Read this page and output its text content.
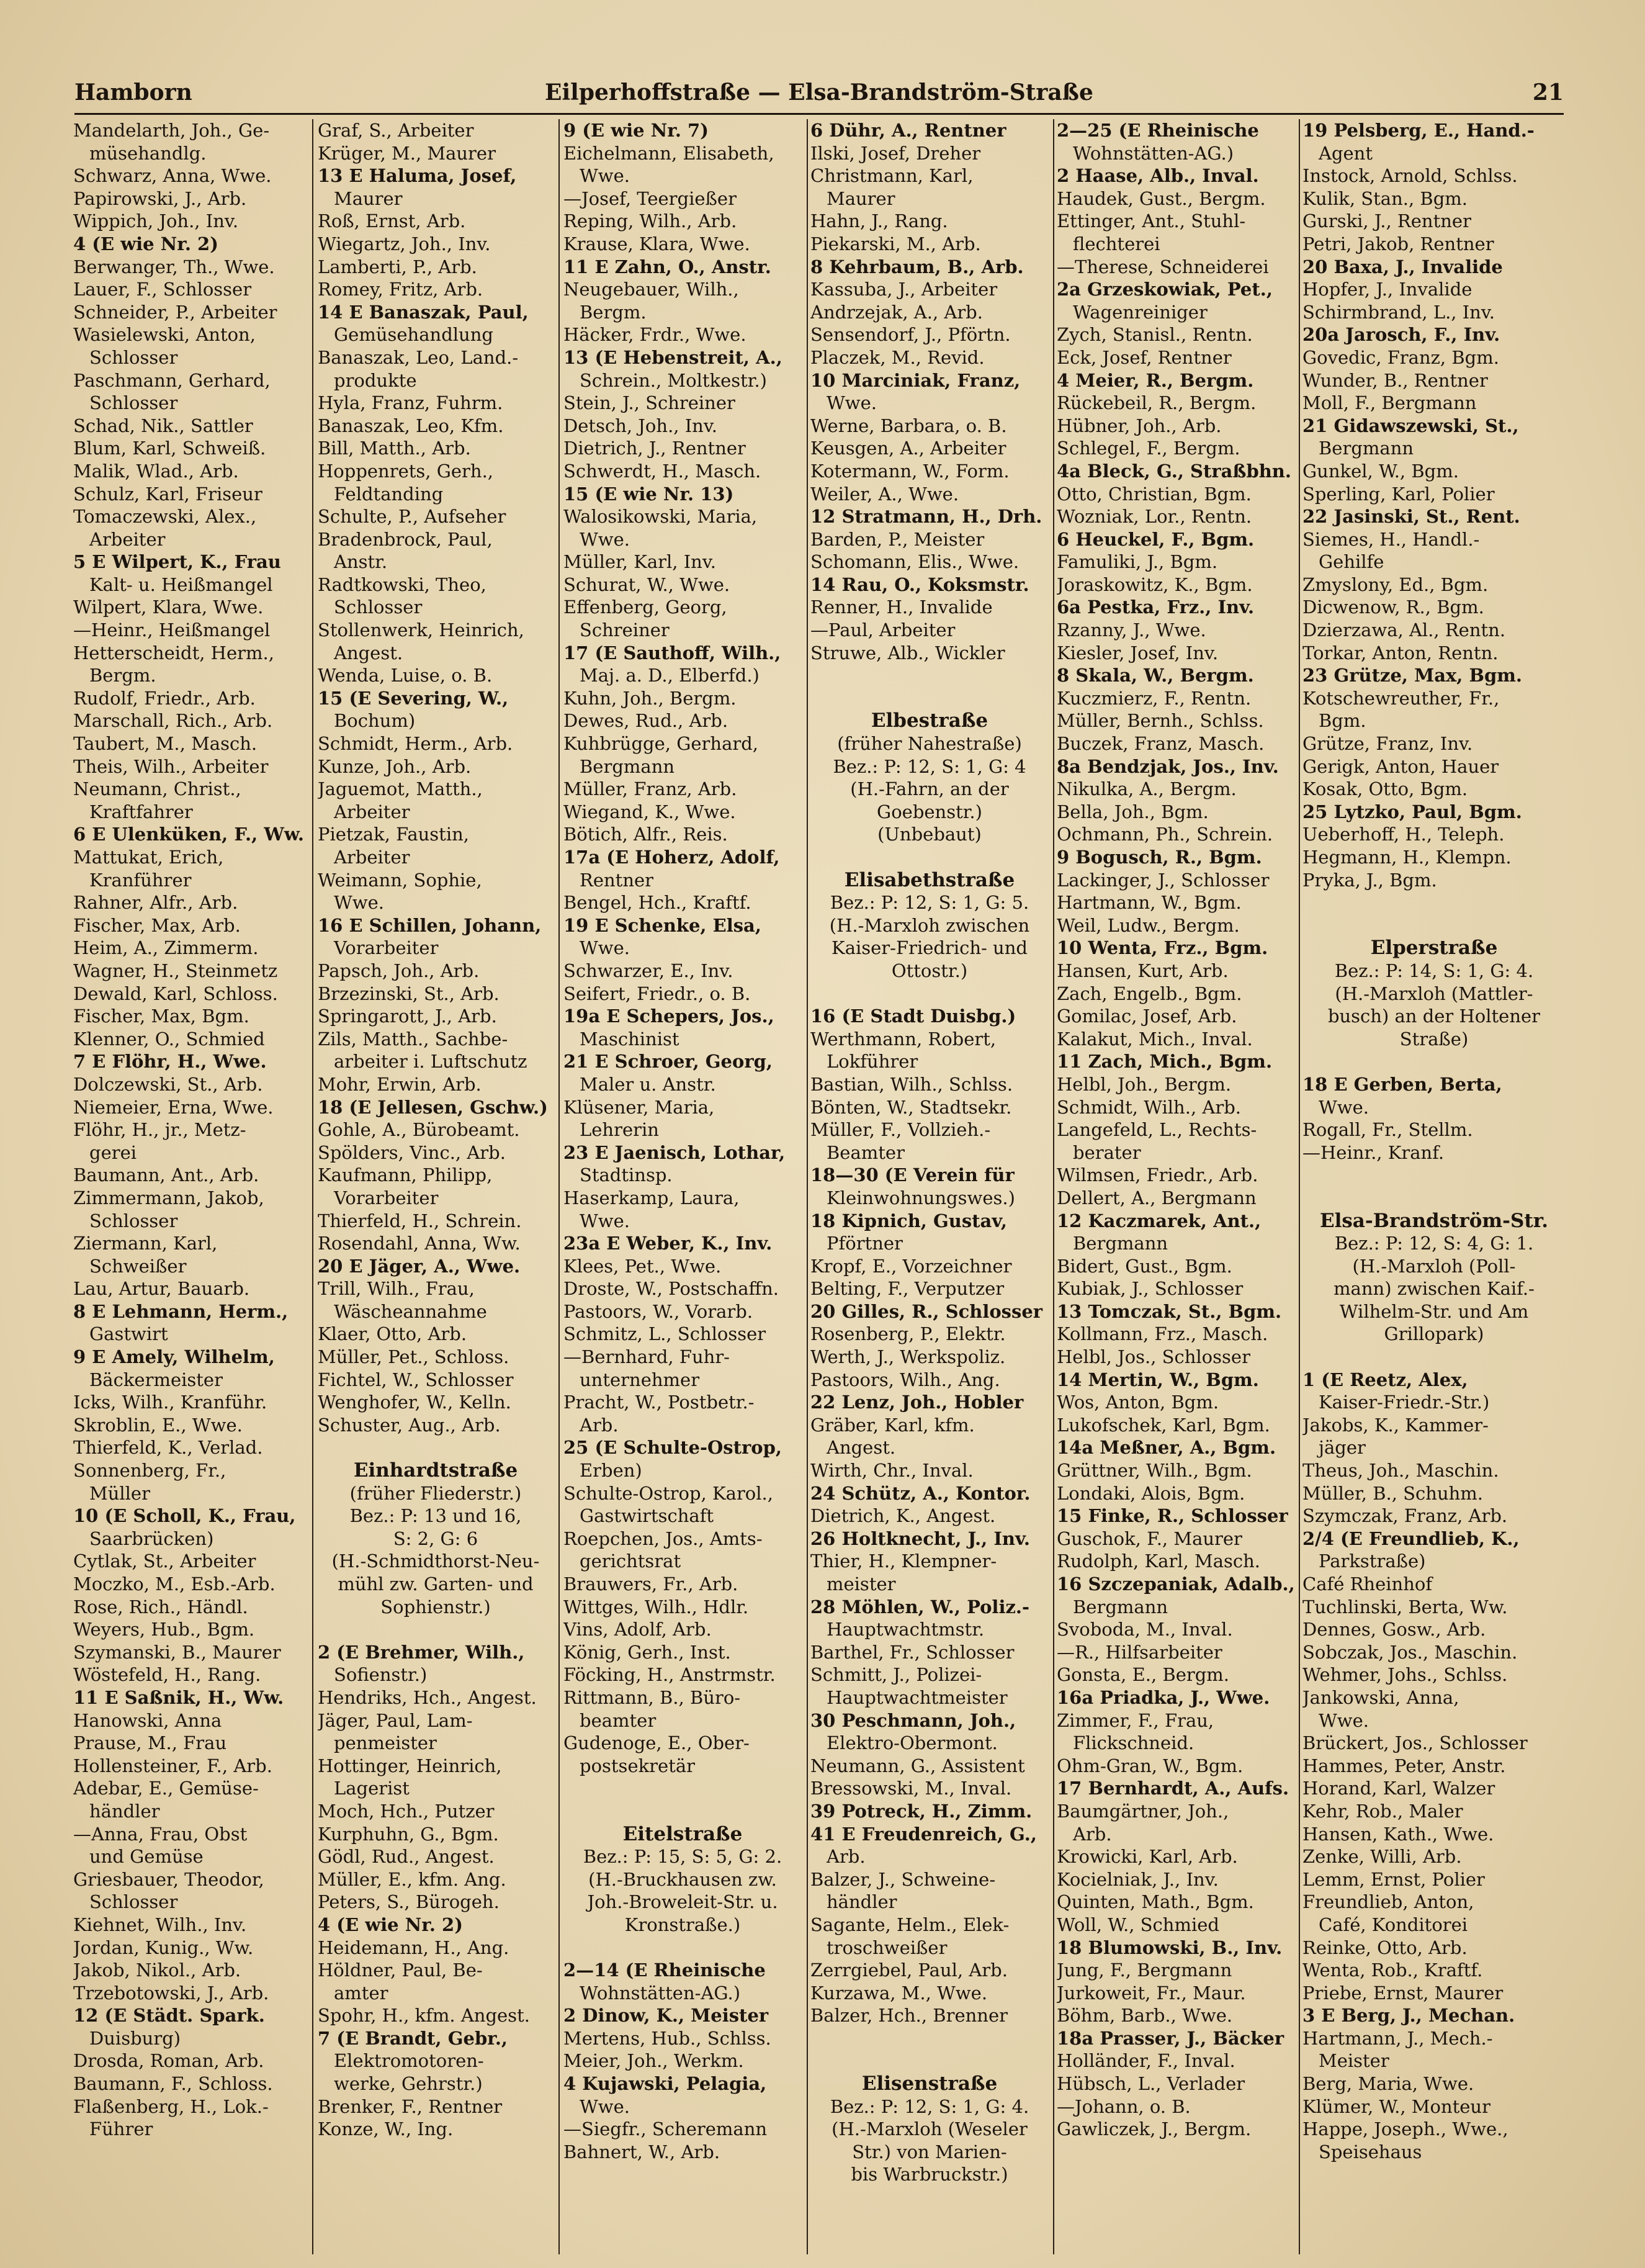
Hamborn	Eilperhoffstraße — Elsa-Brandström-Straße	21
Mandelarth, Joh., Ge-
müsehandlg.
Schwarz, Anna, Wwe.
Papirowski, J., Arb.
Wippich, Joh., Inv.
4 (E wie Nr. 2)
Berwanger, Th., Wwe.
Lauer, F., Schlosser
Schneider, P., Arbeiter
Wasielewski, Anton,
Schlosser
Paschmann, Gerhard,
Schlosser
Schad, Nik., Sattler
Blum, Karl, Schweiß.
Malik, Wlad., Arb.
Schulz, Karl, Friseur
Tomaczewski, Alex.,
Arbeiter
5 E Wilpert, K., Frau
Kalt- u. Heißmangel
Wilpert, Klara, Wwe.
—Heinr., Heißmangel
Hetterscheidt, Herm.,
Bergm.
Rudolf, Friedr., Arb.
Marschall, Rich., Arb.
Taubert, M., Masch.
Theis, Wilh., Arbeiter
Neumann, Christ.,
Kraftfahrer
6 E Ulenküken, F., Ww.
Mattukat, Erich,
Kranführer
Rahner, Alfr., Arb.
Fischer, Max, Arb.
Heim, A., Zimmerm.
Wagner, H., Steinmetz
Dewald, Karl, Schloss.
Fischer, Max, Bgm.
Klenner, O., Schmied
7 E Flöhr, H., Wwe.
Dolczewski, St., Arb.
Niemeier, Erna, Wwe.
Flöhr, H., jr., Metz-
gerei
Baumann, Ant., Arb.
Zimmermann, Jakob,
Schlosser
Ziermann, Karl,
Schweißer
Lau, Artur, Bauarb.
8 E Lehmann, Herm.,
Gastwirt
9 E Amely, Wilhelm,
Bäckermeister
Icks, Wilh., Kranführ.
Skroblin, E., Wwe.
Thierfeld, K., Verlad.
Sonnenberg, Fr.,
Müller
10 (E Scholl, K., Frau,
Saarbrücken)
Cytlak, St., Arbeiter
Moczko, M., Esb.-Arb.
Rose, Rich., Händl.
Weyers, Hub., Bgm.
Szymanski, B., Maurer
Wöstefeld, H., Rang.
11 E Saßnik, H., Ww.
Hanowski, Anna
Prause, M., Frau
Hollensteiner, F., Arb.
Adebar, E., Gemüse-
händler
—Anna, Frau, Obst
und Gemüse
Griesbauer, Theodor,
Schlosser
Kiehnet, Wilh., Inv.
Jordan, Kunig., Ww.
Jakob, Nikol., Arb.
Trzebotowski, J., Arb.
12 (E Städt. Spark.
Duisburg)
Drosda, Roman, Arb.
Baumann, F., Schloss.
Flaßenberg, H., Lok.-
Führer
Graf, S., Arbeiter
Krüger, M., Maurer
13 E Haluma, Josef,
Maurer
Roß, Ernst, Arb.
Wiegartz, Joh., Inv.
Lamberti, P., Arb.
Romey, Fritz, Arb.
14 E Banaszak, Paul,
Gemüsehandlung
Banaszak, Leo, Land.-
produkte
Hyla, Franz, Fuhrm.
Banaszak, Leo, Kfm.
Bill, Matth., Arb.
Hoppenrets, Gerh.,
Feldtanding
Schulte, P., Aufseher
Bradenbrock, Paul,
Anstr.
Radtkowski, Theo,
Schlosser
Stollenwerk, Heinrich,
Angest.
Wenda, Luise, o. B.
15 (E Severing, W.,
Bochum)
Schmidt, Herm., Arb.
Kunze, Joh., Arb.
Jaguemot, Matth.,
Arbeiter
Pietzak, Faustin,
Arbeiter
Weimann, Sophie,
Wwe.
16 E Schillen, Johann,
Vorarbeiter
Papsch, Joh., Arb.
Brzezinski, St., Arb.
Springarott, J., Arb.
Zils, Matth., Sachbe-
arbeiter i. Luftschutz
Mohr, Erwin, Arb.
18 (E Jellesen, Gschw.)
Gohle, A., Bürobeamt.
Spölders, Vinc., Arb.
Kaufmann, Philipp,
Vorarbeiter
Thierfeld, H., Schrein.
Rosendahl, Anna, Ww.
20 E Jäger, A., Wwe.
Trill, Wilh., Frau,
Wäscheannahme
Klaer, Otto, Arb.
Müller, Pet., Schloss.
Fichtel, W., Schlosser
Wenghofer, W., Kelln.
Schuster, Aug., Arb.
Einhardtstraße
(früher Fliederstr.)
Bez.: P: 13 und 16,
S: 2, G: 6
(H.-Schmidthorst-Neu-
mühl zw. Garten- und
Sophienstr.)
2 (E Brehmer, Wilh.,
Sofienstr.)
Hendriks, Hch., Angest.
Jäger, Paul, Lam-
penmeister
Hottinger, Heinrich,
Lagerist
Moch, Hch., Putzer
Kurphuhn, G., Bgm.
Gödl, Rud., Angest.
Müller, E., kfm. Ang.
Peters, S., Bürogeh.
4 (E wie Nr. 2)
Heidemann, H., Ang.
Höldner, Paul, Be-
amter
Spohr, H., kfm. Angest.
7 (E Brandt, Gebr.,
Elektromotoren-
werke, Gehrstr.)
Brenker, F., Rentner
Konze, W., Ing.
9 (E wie Nr. 7)
Eichelmann, Elisabeth,
Wwe.
—Josef, Teergießer
Reping, Wilh., Arb.
Krause, Klara, Wwe.
11 E Zahn, O., Anstr.
Neugebauer, Wilh.,
Bergm.
Häcker, Frdr., Wwe.
13 (E Hebenstreit, A.,
Schrein., Moltkestr.)
Stein, J., Schreiner
Detsch, Joh., Inv.
Dietrich, J., Rentner
Schwerdt, H., Masch.
15 (E wie Nr. 13)
Walosikowski, Maria,
Wwe.
Müller, Karl, Inv.
Schurat, W., Wwe.
Effenberg, Georg,
Schreiner
17 (E Sauthoff, Wilh.,
Maj. a. D., Elberfd.)
Kuhn, Joh., Bergm.
Dewes, Rud., Arb.
Kuhbrügge, Gerhard,
Bergmann
Müller, Franz, Arb.
Wiegand, K., Wwe.
Bötich, Alfr., Reis.
17a (E Hoherz, Adolf,
Rentner
Bengel, Hch., Kraftf.
19 E Schenke, Elsa,
Wwe.
Schwarzer, E., Inv.
Seifert, Friedr., o. B.
19a E Schepers, Jos.,
Maschinist
21 E Schroer, Georg,
Maler u. Anstr.
Klüsener, Maria,
Lehrerin
23 E Jaenisch, Lothar,
Stadtinsp.
Haserkamp, Laura,
Wwe.
23a E Weber, K., Inv.
Klees, Pet., Wwe.
Droste, W., Postschaffn.
Pastoors, W., Vorarb.
Schmitz, L., Schlosser
—Bernhard, Fuhr-
unternehmer
Pracht, W., Postbetr.-
Arb.
25 (E Schulte-Ostrop,
Erben)
Schulte-Ostrop, Karol.,
Gastwirtschaft
Roepchen, Jos., Amts-
gerichtsrat
Brauwers, Fr., Arb.
Wittges, Wilh., Hdlr.
Vins, Adolf, Arb.
König, Gerh., Inst.
Föcking, H., Anstrmstr.
Rittmann, B., Büro-
beamter
Gudenoge, E., Ober-
postsekretär
Eitelstraße
Bez.: P: 15, S: 5, G: 2.
(H.-Bruckhausen zw.
Joh.-Broweleit-Str. u.
Kronstraße.)
2—14 (E Rheinische
Wohnstätten-AG.)
2 Dinow, K., Meister
Mertens, Hub., Schlss.
Meier, Joh., Werkm.
4 Kujawski, Pelagia,
Wwe.
—Siegfr., Scheremann
Bahnert, W., Arb.
6 Dühr, A., Rentner
Ilski, Josef, Dreher
Christmann, Karl,
Maurer
Hahn, J., Rang.
Piekarski, M., Arb.
8 Kehrbaum, B., Arb.
Kassuba, J., Arbeiter
Andrzejak, A., Arb.
Sensendorf, J., Pförtn.
Placzek, M., Revid.
10 Marciniak, Franz,
Wwe.
Werne, Barbara, o. B.
Keusgen, A., Arbeiter
Kotermann, W., Form.
Weiler, A., Wwe.
12 Stratmann, H., Drh.
Barden, P., Meister
Schomann, Elis., Wwe.
14 Rau, O., Koksmstr.
Renner, H., Invalide
—Paul, Arbeiter
Struwe, Alb., Wickler
Elbestraße
(früher Nahestraße)
Bez.: P: 12, S: 1, G: 4
(H.-Fahrn, an der
Goebenstr.)
(Unbebaut)
Elisabethstraße
Bez.: P: 12, S: 1, G: 5.
(H.-Marxloh zwischen
Kaiser-Friedrich- und
Ottostr.)
16 (E Stadt Duisbg.)
Werthmann, Robert,
Lokführer
Bastian, Wilh., Schlss.
Bönten, W., Stadtsekr.
Müller, F., Vollzieh.-
Beamter
18—30 (E Verein für
Kleinwohnungswes.)
18 Kipnich, Gustav,
Pförtner
Kropf, E., Vorzeichner
Belting, F., Verputzer
20 Gilles, R., Schlosser
Rosenberg, P., Elektr.
Werth, J., Werkspoliz.
Pastoors, Wilh., Ang.
22 Lenz, Joh., Hobler
Gräber, Karl, kfm.
Angest.
Wirth, Chr., Inval.
24 Schütz, A., Kontor.
Dietrich, K., Angest.
26 Holtknecht, J., Inv.
Thier, H., Klempner-
meister
28 Möhlen, W., Poliz.-
Hauptwachtmstr.
Barthel, Fr., Schlosser
Schmitt, J., Polizei-
Hauptwachtmeister
30 Peschmann, Joh.,
Elektro-Obermont.
Neumann, G., Assistent
Bressowski, M., Inval.
39 Potreck, H., Zimm.
41 E Freudenreich, G.,
Arb.
Balzer, J., Schweine-
händler
Sagante, Helm., Elek-
troschweißer
Zerrgiebel, Paul, Arb.
Kurzawa, M., Wwe.
Balzer, Hch., Brenner
Elisenstraße
Bez.: P: 12, S: 1, G: 4.
(H.-Marxloh (Weseler
Str.) von Marien-
bis Warbruckstr.)
2—25 (E Rheinische
Wohnstätten-AG.)
2 Haase, Alb., Inval.
Haudek, Gust., Bergm.
Ettinger, Ant., Stuhl-
flechterei
—Therese, Schneiderei
2a Grzeskowiak, Pet.,
Wagenreiniger
Zych, Stanisl., Rentn.
Eck, Josef, Rentner
4 Meier, R., Bergm.
Rückebeil, R., Bergm.
Hübner, Joh., Arb.
Schlegel, F., Bergm.
4a Bleck, G., Straßbhn.
Otto, Christian, Bgm.
Wozniak, Lor., Rentn.
6 Heuckel, F., Bgm.
Famuliki, J., Bgm.
Joraskowitz, K., Bgm.
6a Pestka, Frz., Inv.
Rzanny, J., Wwe.
Kiesler, Josef, Inv.
8 Skala, W., Bergm.
Kuczmierz, F., Rentn.
Müller, Bernh., Schlss.
Buczek, Franz, Masch.
8a Bendzjak, Jos., Inv.
Nikulka, A., Bergm.
Bella, Joh., Bgm.
Ochmann, Ph., Schrein.
9 Bogusch, R., Bgm.
Lackinger, J., Schlosser
Hartmann, W., Bgm.
Weil, Ludw., Bergm.
10 Wenta, Frz., Bgm.
Hansen, Kurt, Arb.
Zach, Engelb., Bgm.
Gomilac, Josef, Arb.
Kalakut, Mich., Inval.
11 Zach, Mich., Bgm.
Helbl, Joh., Bergm.
Schmidt, Wilh., Arb.
Langefeld, L., Rechts-
berater
Wilmsen, Friedr., Arb.
Dellert, A., Bergmann
12 Kaczmarek, Ant.,
Bergmann
Bidert, Gust., Bgm.
Kubiak, J., Schlosser
13 Tomczak, St., Bgm.
Kollmann, Frz., Masch.
Helbl, Jos., Schlosser
14 Mertin, W., Bgm.
Wos, Anton, Bgm.
Lukofschek, Karl, Bgm.
14a Meßner, A., Bgm.
Grüttner, Wilh., Bgm.
Londaki, Alois, Bgm.
15 Finke, R., Schlosser
Guschok, F., Maurer
Rudolph, Karl, Masch.
16 Szczepaniak, Adalb.,
Bergmann
Svoboda, M., Inval.
—R., Hilfsarbeiter
Gonsta, E., Bergm.
16a Priadka, J., Wwe.
Zimmer, F., Frau,
Flickschneid.
Ohm-Gran, W., Bgm.
17 Bernhardt, A., Aufs.
Baumgärtner, Joh.,
Arb.
Krowicki, Karl, Arb.
Kocielniak, J., Inv.
Quinten, Math., Bgm.
Woll, W., Schmied
18 Blumowski, B., Inv.
Jung, F., Bergmann
Jurkoweit, Fr., Maur.
Böhm, Barb., Wwe.
18a Prasser, J., Bäcker
Holländer, F., Inval.
Hübsch, L., Verlader
—Johann, o. B.
Gawliczek, J., Bergm.
19 Pelsberg, E., Hand.-
Agent
Instock, Arnold, Schlss.
Kulik, Stan., Bgm.
Gurski, J., Rentner
Petri, Jakob, Rentner
20 Baxa, J., Invalide
Hopfer, J., Invalide
Schirmbrand, L., Inv.
20a Jarosch, F., Inv.
Govedic, Franz, Bgm.
Wunder, B., Rentner
Moll, F., Bergmann
21 Gidawszewski, St.,
Bergmann
Gunkel, W., Bgm.
Sperling, Karl, Polier
22 Jasinski, St., Rent.
Siemes, H., Handl.-
Gehilfe
Zmyslony, Ed., Bgm.
Dicwenow, R., Bgm.
Dzierzawa, Al., Rentn.
Torkar, Anton, Rentn.
23 Grütze, Max, Bgm.
Kotschewreuther, Fr.,
Bgm.
Grütze, Franz, Inv.
Gerigk, Anton, Hauer
Kosak, Otto, Bgm.
25 Lytzko, Paul, Bgm.
Ueberhoff, H., Teleph.
Hegmann, H., Klempn.
Pryka, J., Bgm.
Elperstraße
Bez.: P: 14, S: 1, G: 4.
(H.-Marxloh (Mattler-
busch) an der Holtener
Straße)
18 E Gerben, Berta,
Wwe.
Rogall, Fr., Stellm.
—Heinr., Kranf.
Elsa-Brandström-Str.
Bez.: P: 12, S: 4, G: 1.
(H.-Marxloh (Poll-
mann) zwischen Kaif.-
Wilhelm-Str. und Am
Grillopark)
1 (E Reetz, Alex,
Kaiser-Friedr.-Str.)
Jakobs, K., Kammer-
jäger
Theus, Joh., Maschin.
Müller, B., Schuhm.
Szymczak, Franz, Arb.
2/4 (E Freundlieb, K.,
Parkstraße)
Café Rheinhof
Tuchlinski, Berta, Ww.
Dennes, Gosw., Arb.
Sobczak, Jos., Maschin.
Wehmer, Johs., Schlss.
Jankowski, Anna,
Wwe.
Brückert, Jos., Schlosser
Hammes, Peter, Anstr.
Horand, Karl, Walzer
Kehr, Rob., Maler
Hansen, Kath., Wwe.
Zenke, Willi, Arb.
Lemm, Ernst, Polier
Freundlieb, Anton,
Café, Konditorei
Reinke, Otto, Arb.
Wenta, Rob., Kraftf.
Priebe, Ernst, Maurer
3 E Berg, J., Mechan.
Hartmann, J., Mech.-
Meister
Berg, Maria, Wwe.
Klümer, W., Monteur
Happe, Joseph., Wwe.,
Speisehaus
